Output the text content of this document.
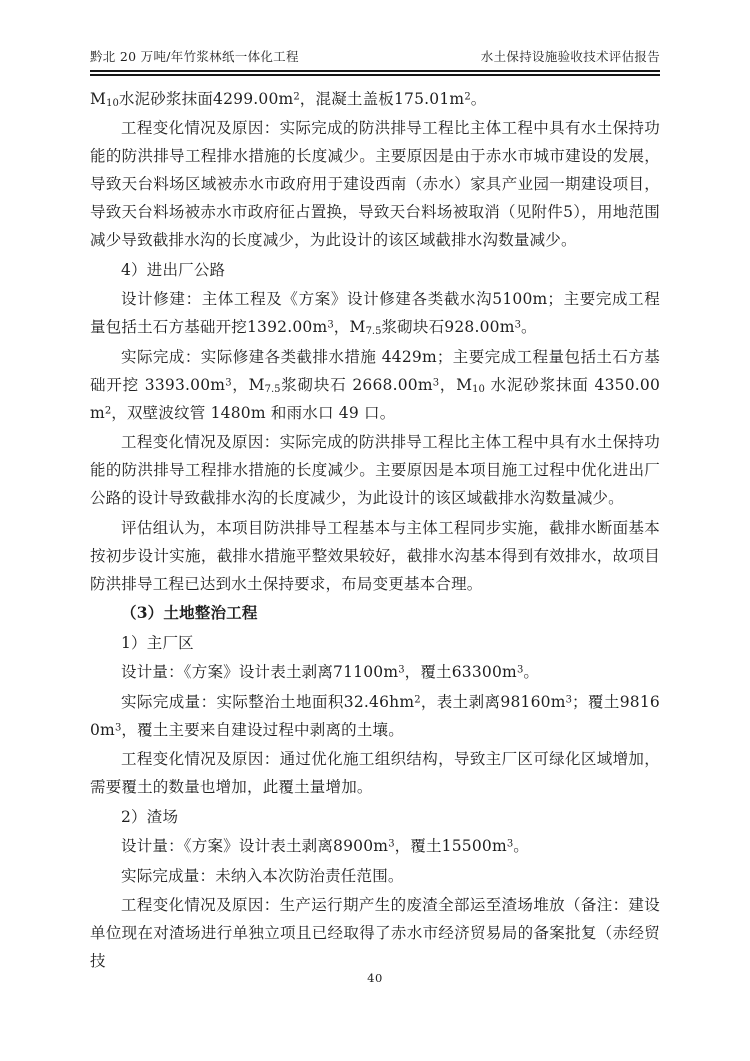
黔北 20 万吨/年竹浆林纸一体化工程	水土保持设施验收技术评估报告

$M_{10}$水泥砂浆抹面$4299.00m^2$，混凝土盖板$175.01m^2$。

工程变化情况及原因：实际完成的防洪排导工程比主体工程中具有水土保持功能的防洪排导工程排水措施的长度减少。主要原因是由于赤水市城市建设的发展，导致天台料场区域被赤水市政府用于建设西南（赤水）家具产业园一期建设项目，导致天台料场被赤水市政府征占置换，导致天台料场被取消（见附件5），用地范围减少导致截排水沟的长度减少，为此设计的该区域截排水沟数量减少。

4）进出厂公路

设计修建：主体工程及《方案》设计修建各类截水沟5100m；主要完成工程量包括土石方基础开挖$1392.00m^3$，$M_{7.5}$浆砌块石$928.00m^3$。

实际完成：实际修建各类截排水措施 4429m；主要完成工程量包括土石方基础开挖 $3393.00m^3$，$M_{7.5}$浆砌块石 $2668.00m^3$，$M_{10}$ 水泥砂浆抹面 $4350.00m^2$，双壁波纹管 1480m 和雨水口 49 口。

工程变化情况及原因：实际完成的防洪排导工程比主体工程中具有水土保持功能的防洪排导工程排水措施的长度减少。主要原因是本项目施工过程中优化进出厂公路的设计导致截排水沟的长度减少，为此设计的该区域截排水沟数量减少。

评估组认为，本项目防洪排导工程基本与主体工程同步实施，截排水断面基本按初步设计实施，截排水措施平整效果较好，截排水沟基本得到有效排水，故项目防洪排导工程已达到水土保持要求，布局变更基本合理。

（3）土地整治工程

1）主厂区

设计量：《方案》设计表土剥离$71100m^3$，覆土$63300m^3$。

实际完成量：实际整治土地面积$32.46hm^2$，表土剥离$98160m^3$；覆土$98160m^3$，覆土主要来自建设过程中剥离的土壤。

工程变化情况及原因：通过优化施工组织结构，导致主厂区可绿化区域增加，需要覆土的数量也增加，此覆土量增加。

2）渣场

设计量：《方案》设计表土剥离$8900m^3$，覆土$15500m^3$。

实际完成量：未纳入本次防治责任范围。

工程变化情况及原因：生产运行期产生的废渣全部运至渣场堆放（备注：建设单位现在对渣场进行单独立项且已经取得了赤水市经济贸易局的备案批复（赤经贸技

40
